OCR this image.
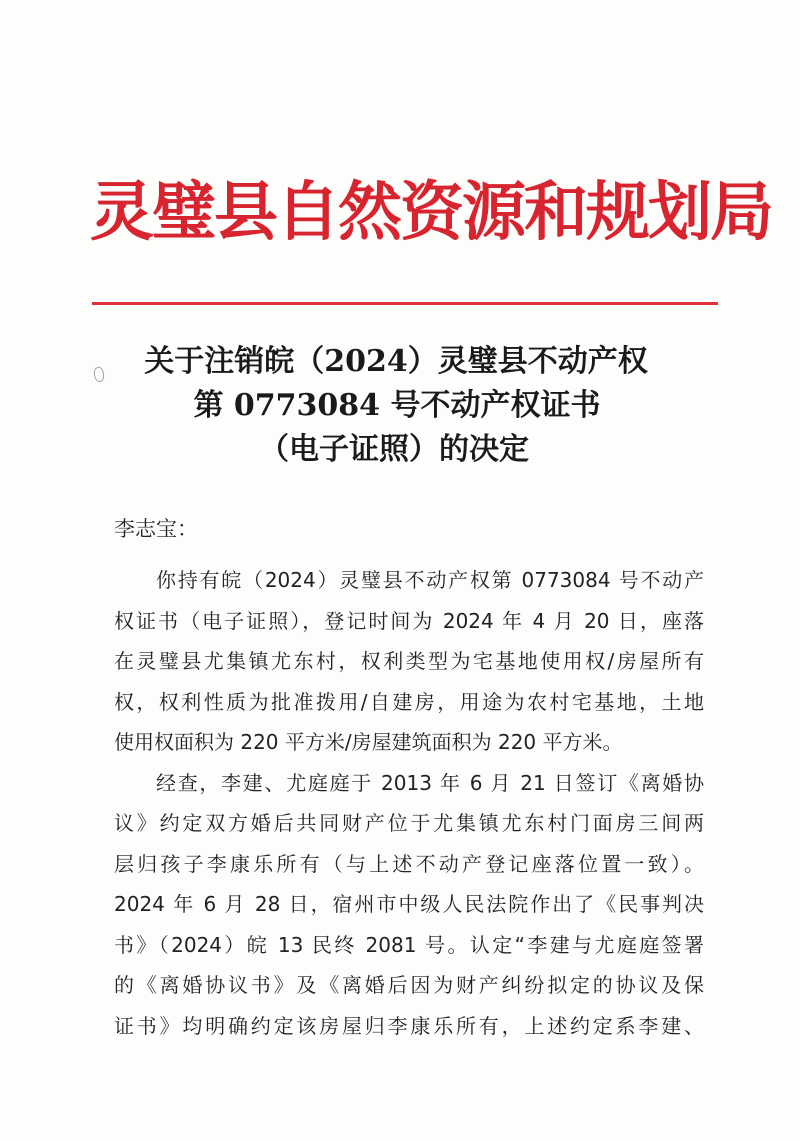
灵璧县自然资源和规划局
关于注销皖（2024）灵璧县不动产权
第 0773084 号不动产权证书
（电子证照）的决定
李志宝：
你持有皖（2024）灵璧县不动产权第 0773084 号不动产
权证书（电子证照），登记时间为 2024 年 4 月 20 日，座落
在灵璧县尤集镇尤东村，权利类型为宅基地使用权/房屋所有
权，权利性质为批准拨用/自建房，用途为农村宅基地，土地
使用权面积为 220 平方米/房屋建筑面积为 220 平方米。
经查，李建、尤庭庭于 2013 年 6 月 21 日签订《离婚协
议》约定双方婚后共同财产位于尤集镇尤东村门面房三间两
层归孩子李康乐所有（与上述不动产登记座落位置一致）。
2024 年 6 月 28 日，宿州市中级人民法院作出了《民事判决
书》（2024）皖 13 民终 2081 号。认定“李建与尤庭庭签署
的《离婚协议书》及《离婚后因为财产纠纷拟定的协议及保
证书》均明确约定该房屋归李康乐所有，上述约定系李建、
